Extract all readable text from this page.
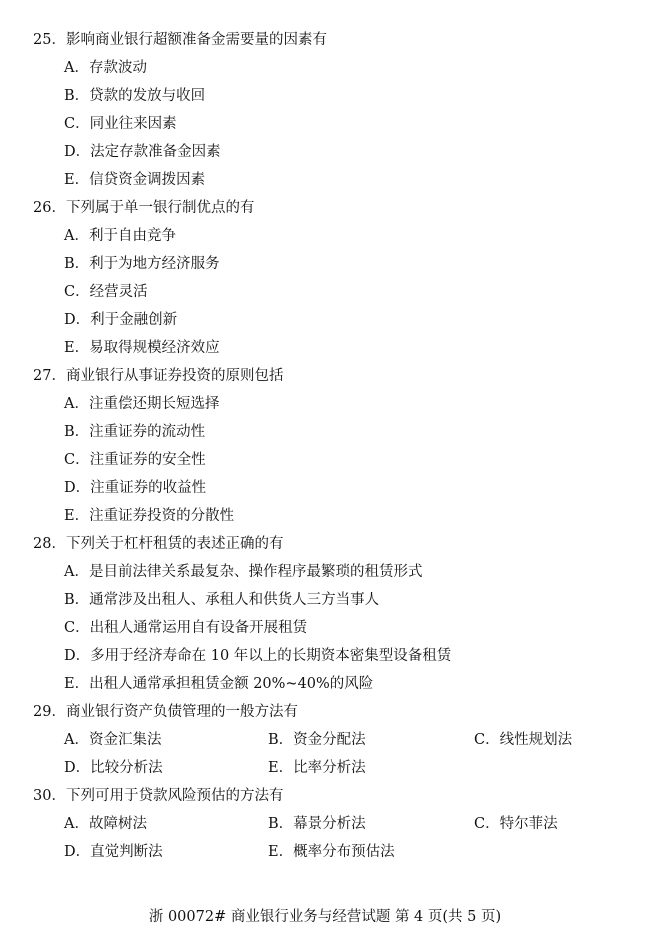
25．影响商业银行超额准备金需要量的因素有
A．存款波动
B．贷款的发放与收回
C．同业往来因素
D．法定存款准备金因素
E．信贷资金调拨因素
26．下列属于单一银行制优点的有
A．利于自由竞争
B．利于为地方经济服务
C．经营灵活
D．利于金融创新
E．易取得规模经济效应
27．商业银行从事证券投资的原则包括
A．注重偿还期长短选择
B．注重证券的流动性
C．注重证券的安全性
D．注重证券的收益性
E．注重证券投资的分散性
28．下列关于杠杆租赁的表述正确的有
A．是目前法律关系最复杂、操作程序最繁琐的租赁形式
B．通常涉及出租人、承租人和供货人三方当事人
C．出租人通常运用自有设备开展租赁
D．多用于经济寿命在 10 年以上的长期资本密集型设备租赁
E．出租人通常承担租赁金额 20%~40%的风险
29．商业银行资产负债管理的一般方法有
A．资金汇集法	B．资金分配法	C．线性规划法
D．比较分析法	E．比率分析法
30．下列可用于贷款风险预估的方法有
A．故障树法	B．幕景分析法	C．特尔菲法
D．直觉判断法	E．概率分布预估法
浙 00072# 商业银行业务与经营试题 第 4 页(共 5 页)
